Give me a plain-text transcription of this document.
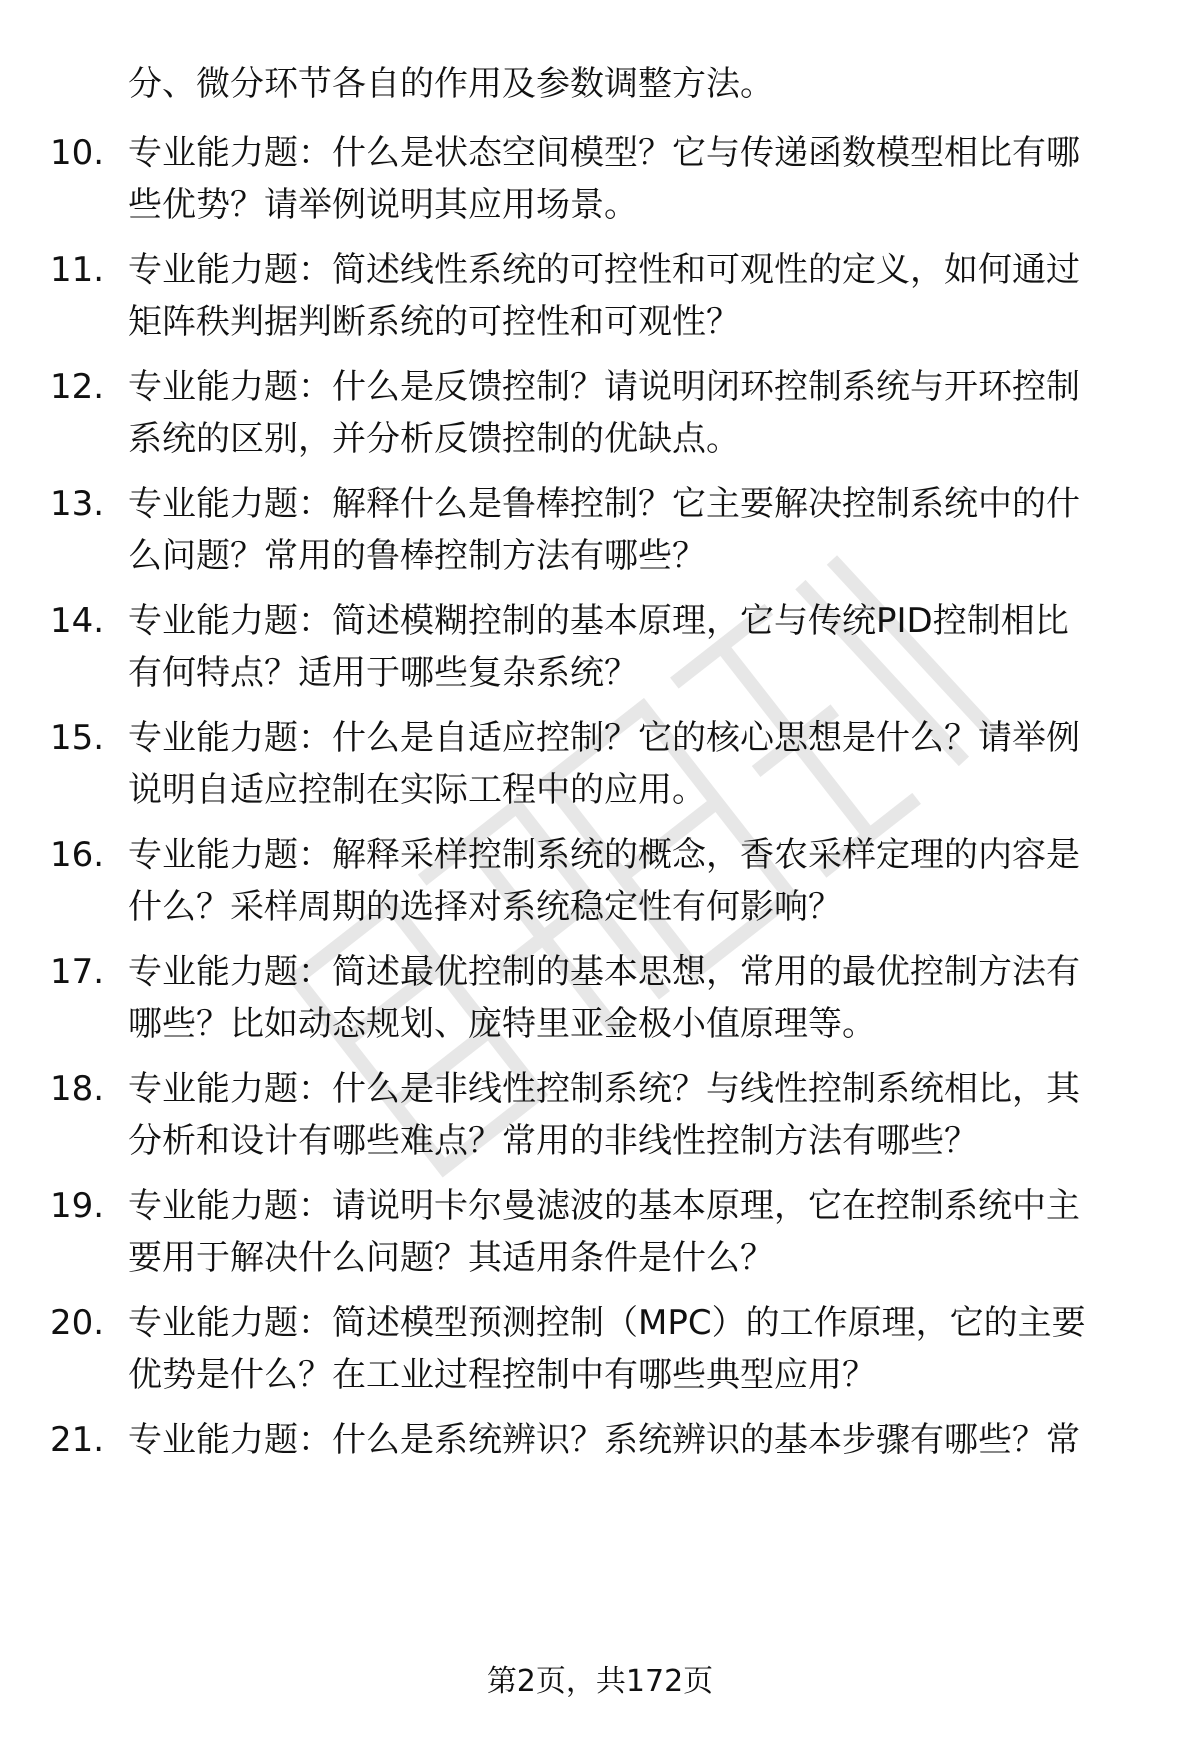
分、微分环节各自的作用及参数调整方法。
10. 专业能力题：什么是状态空间模型？它与传递函数模型相比有哪
些优势？请举例说明其应用场景。
11. 专业能力题：简述线性系统的可控性和可观性的定义，如何通过
矩阵秩判据判断系统的可控性和可观性？
12. 专业能力题：什么是反馈控制？请说明闭环控制系统与开环控制
系统的区别，并分析反馈控制的优缺点。
13. 专业能力题：解释什么是鲁棒控制？它主要解决控制系统中的什
么问题？常用的鲁棒控制方法有哪些？
14. 专业能力题：简述模糊控制的基本原理，它与传统PID控制相比
有何特点？适用于哪些复杂系统？
15. 专业能力题：什么是自适应控制？它的核心思想是什么？请举例
说明自适应控制在实际工程中的应用。
16. 专业能力题：解释采样控制系统的概念，香农采样定理的内容是
什么？采样周期的选择对系统稳定性有何影响？
17. 专业能力题：简述最优控制的基本思想，常用的最优控制方法有
哪些？比如动态规划、庞特里亚金极小值原理等。
18. 专业能力题：什么是非线性控制系统？与线性控制系统相比，其
分析和设计有哪些难点？常用的非线性控制方法有哪些？
19. 专业能力题：请说明卡尔曼滤波的基本原理，它在控制系统中主
要用于解决什么问题？其适用条件是什么？
20. 专业能力题：简述模型预测控制（MPC）的工作原理，它的主要
优势是什么？在工业过程控制中有哪些典型应用？
21. 专业能力题：什么是系统辨识？系统辨识的基本步骤有哪些？常
第2页，共172页
